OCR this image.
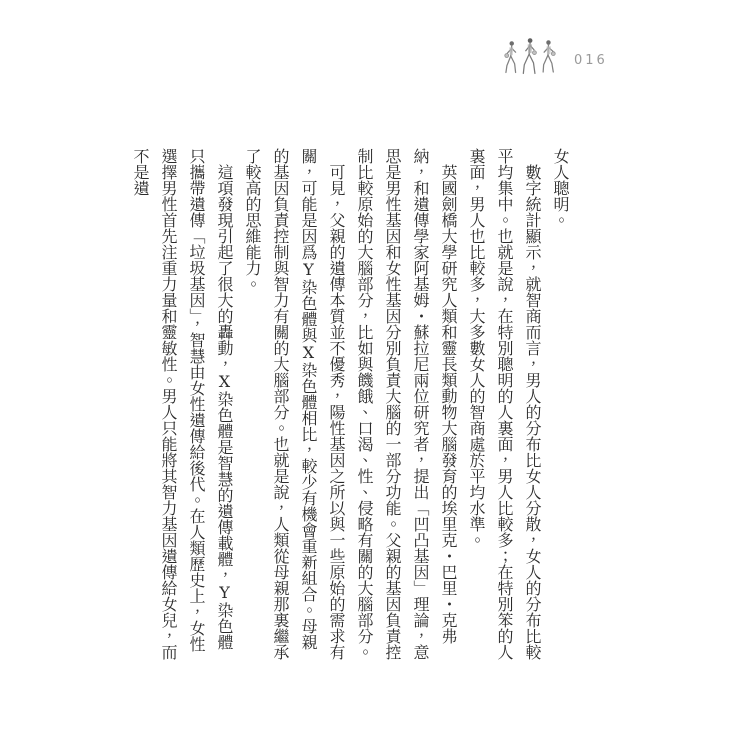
016

女人聰明。

數字統計顯示，就智商而言，男人的分布比女人分散，女人的分布比較平均集中。也就是說，在特別聰明的人裏面，男人比較多；在特別笨的人裏面，男人也比較多，大多數女人的智商處於平均水準。

英國劍橋大學研究人類和靈長類動物大腦發育的埃里克・巴里・克弗納，和遺傳學家阿基姆・蘇拉尼兩位研究者，提出「凹凸基因」理論，意思是男性基因和女性基因分別負責大腦的一部分功能。父親的基因負責控制比較原始的大腦部分，比如與饑餓、口渴、性、侵略有關的大腦部分。

可見，父親的遺傳本質並不優秀，陽性基因之所以與一些原始的需求有關，可能是因爲Y染色體與X染色體相比，較少有機會重新組合。母親的基因負責控制與智力有關的大腦部分。也就是說，人類從母親那裏繼承了較高的思維能力。

這項發現引起了很大的轟動，X染色體是智慧的遺傳載體，Y染色體只攜帶遺傳「垃圾基因」，智慧由女性遺傳給後代。在人類歷史上，女性選擇男性首先注重力量和靈敏性。男人只能將其智力基因遺傳給女兒，而不是遺
